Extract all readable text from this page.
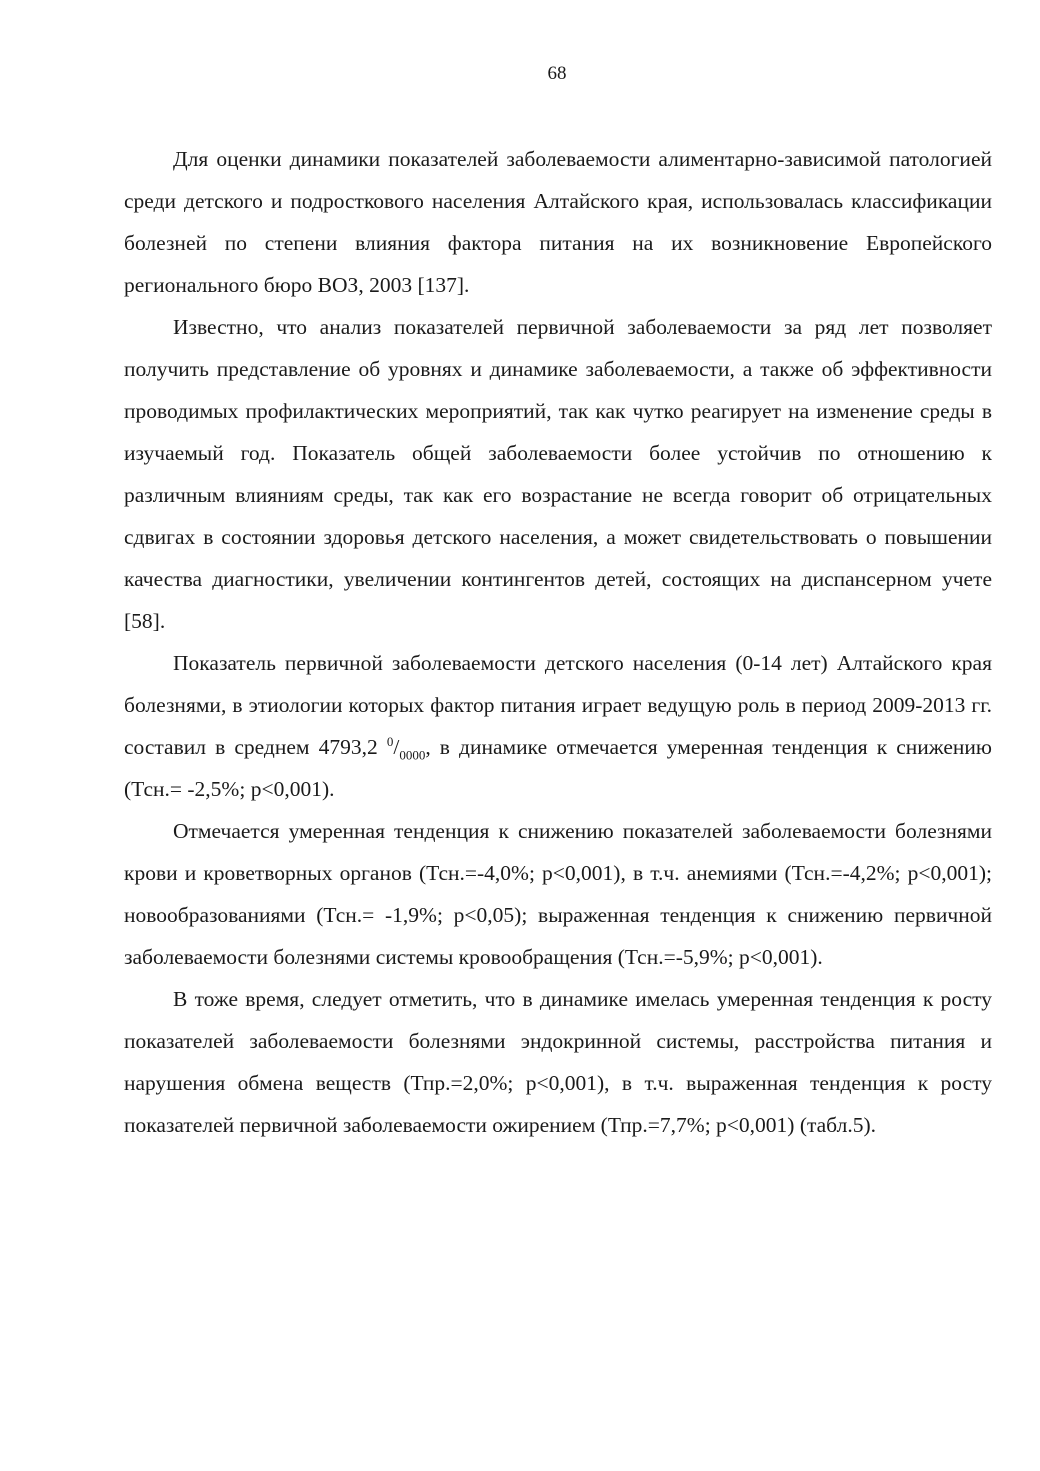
68

Для оценки динамики показателей заболеваемости алиментарно-зависимой патологией среди детского и подросткового населения Алтайского края, использовалась классификации болезней по степени влияния фактора питания на их возникновение Европейского регионального бюро ВОЗ, 2003 [137].

Известно, что анализ показателей первичной заболеваемости за ряд лет позволяет получить представление об уровнях и динамике заболеваемости, а также об эффективности проводимых профилактических мероприятий, так как чутко реагирует на изменение среды в изучаемый год. Показатель общей заболеваемости более устойчив по отношению к различным влияниям среды, так как его возрастание не всегда говорит об отрицательных сдвигах в состоянии здоровья детского населения, а может свидетельствовать о повышении качества диагностики, увеличении контингентов детей, состоящих на диспансерном учете [58].

Показатель первичной заболеваемости детского населения (0-14 лет) Алтайского края болезнями, в этиологии которых фактор питания играет ведущую роль в период 2009-2013 гг. составил в среднем 4793,2 $^0/_{0000}$, в динамике отмечается умеренная тенденция к снижению (Тсн.= -2,5%; р<0,001).

Отмечается умеренная тенденция к снижению показателей заболеваемости болезнями крови и кроветворных органов (Тсн.=-4,0%; р<0,001), в т.ч. анемиями (Тсн.=-4,2%; р<0,001); новообразованиями (Тсн.= -1,9%; р<0,05); выраженная тенденция к снижению первичной заболеваемости болезнями системы кровообращения (Тсн.=-5,9%; р<0,001).

В тоже время, следует отметить, что в динамике имелась умеренная тенденция к росту показателей заболеваемости болезнями эндокринной системы, расстройства питания и нарушения обмена веществ (Тпр.=2,0%; р<0,001), в т.ч. выраженная тенденция к росту показателей первичной заболеваемости ожирением (Тпр.=7,7%; р<0,001) (табл.5).
